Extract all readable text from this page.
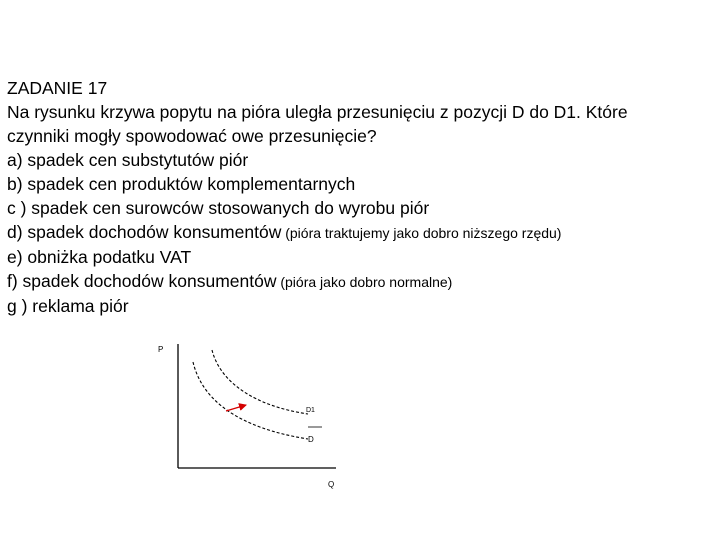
ZADANIE 17
Na rysunku krzywa popytu na pióra uległa przesunięciu z pozycji D do D1. Które
czynniki mogły spowodować owe przesunięcie?
a) spadek cen substytutów piór
b) spadek cen produktów komplementarnych
c ) spadek cen surowców stosowanych do wyrobu piór
d) spadek dochodów konsumentów (pióra traktujemy jako dobro niższego rzędu)
e) obniżka podatku VAT
f) spadek dochodów konsumentów (pióra jako dobro normalne)
g ) reklama piór
P
Q
D1
D
